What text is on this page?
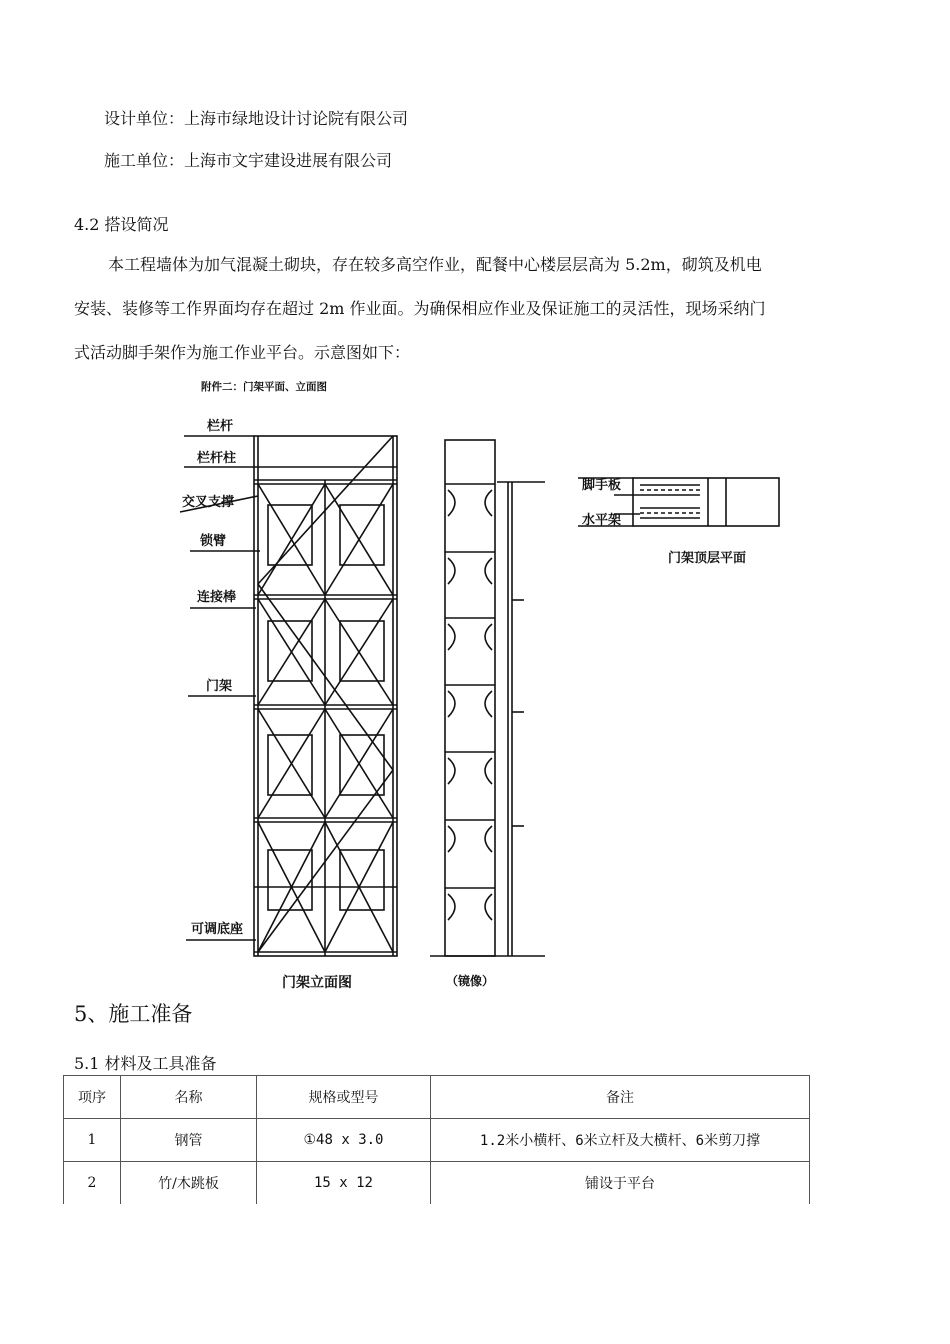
设计单位：上海市绿地设计讨论院有限公司
施工单位：上海市文宇建设进展有限公司
4.2 搭设简况
本工程墙体为加气混凝土砌块，存在较多高空作业，配餐中心楼层层高为 5.2m，砌筑及机电
安装、装修等工作界面均存在超过 2m 作业面。为确保相应作业及保证施工的灵活性，现场采纳门
式活动脚手架作为施工作业平台。示意图如下：
附件二：门架平面、立面图
栏杆
栏杆柱
交叉支撑
锁臂
连接棒
门架
可调底座
脚手板
水平架
门架立面图	（镜像）
门架顶层平面
5、施工准备
5.1 材料及工具准备
项序	名称	规格或型号	备注
1	钢管	①48 x 3.0	1.2米小横杆、6米立杆及大横杆、6米剪刀撑
2	竹/木跳板	15 x 12	铺设于平台
